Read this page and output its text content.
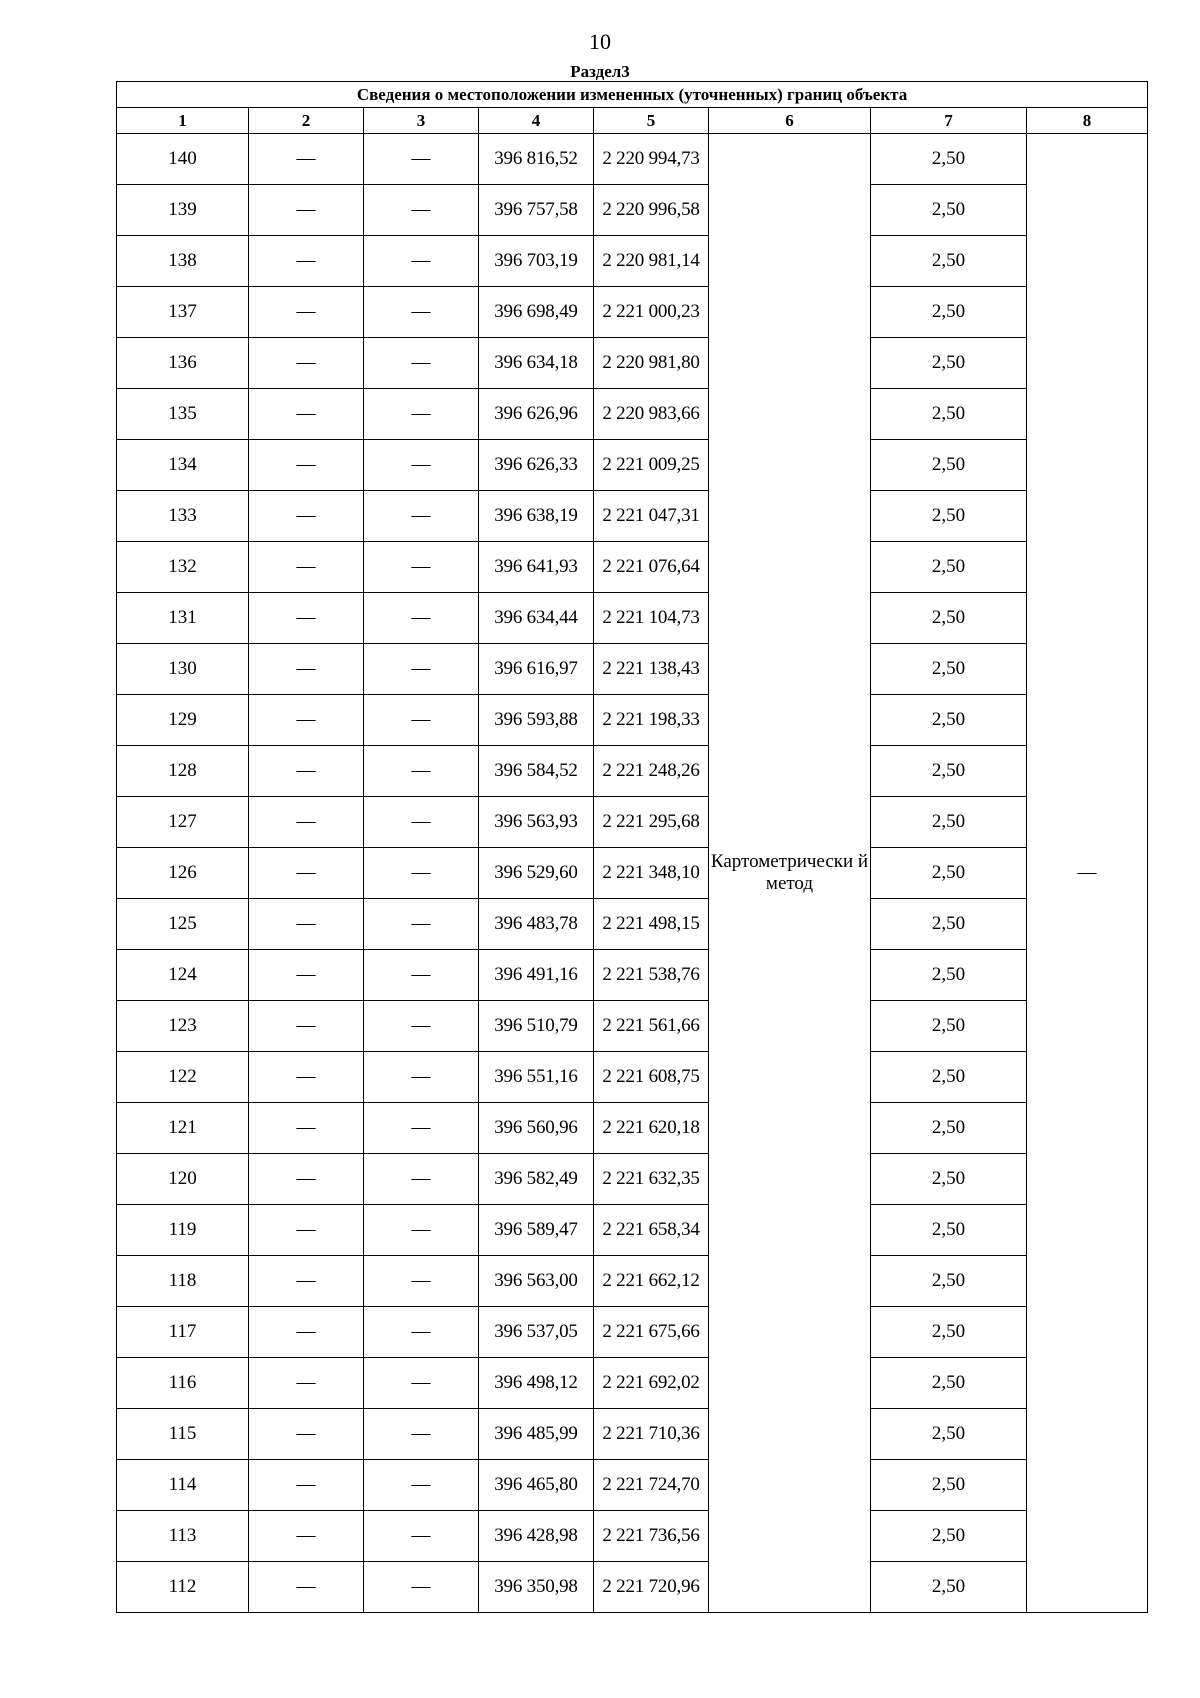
10
Раздел3
Сведения о местоположении измененных (уточненных) границ объекта							
1	2	3	4	5	6	7	8
140	—	—	396 816,52	2 220 994,73	Картометрически й метод	2,50	—
139	—	—	396 757,58	2 220 996,58		2,50	
138	—	—	396 703,19	2 220 981,14		2,50	
137	—	—	396 698,49	2 221 000,23		2,50	
136	—	—	396 634,18	2 220 981,80		2,50	
135	—	—	396 626,96	2 220 983,66		2,50	
134	—	—	396 626,33	2 221 009,25		2,50	
133	—	—	396 638,19	2 221 047,31		2,50	
132	—	—	396 641,93	2 221 076,64		2,50	
131	—	—	396 634,44	2 221 104,73		2,50	
130	—	—	396 616,97	2 221 138,43		2,50	
129	—	—	396 593,88	2 221 198,33		2,50	
128	—	—	396 584,52	2 221 248,26		2,50	
127	—	—	396 563,93	2 221 295,68		2,50	
126	—	—	396 529,60	2 221 348,10		2,50	
125	—	—	396 483,78	2 221 498,15		2,50	
124	—	—	396 491,16	2 221 538,76		2,50	
123	—	—	396 510,79	2 221 561,66		2,50	
122	—	—	396 551,16	2 221 608,75		2,50	
121	—	—	396 560,96	2 221 620,18		2,50	
120	—	—	396 582,49	2 221 632,35		2,50	
119	—	—	396 589,47	2 221 658,34		2,50	
118	—	—	396 563,00	2 221 662,12		2,50	
117	—	—	396 537,05	2 221 675,66		2,50	
116	—	—	396 498,12	2 221 692,02		2,50	
115	—	—	396 485,99	2 221 710,36		2,50	
114	—	—	396 465,80	2 221 724,70		2,50	
113	—	—	396 428,98	2 221 736,56		2,50	
112	—	—	396 350,98	2 221 720,96		2,50	
